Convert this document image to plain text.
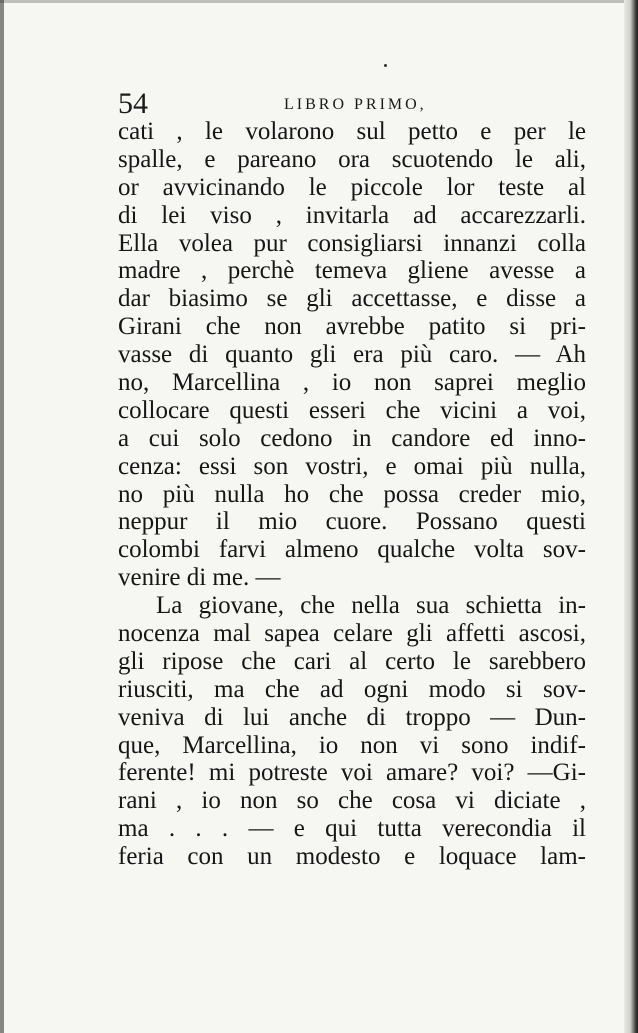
54	LIBRO PRIMO,
cati , le volarono sul petto e per le
spalle, e pareano ora scuotendo le ali,
or avvicinando le piccole lor teste al
di lei viso , invitarla ad accarezzarli.
Ella volea pur consigliarsi innanzi colla
madre , perchè temeva gliene avesse a
dar biasimo se gli accettasse, e disse a
Girani che non avrebbe patito si pri-
vasse di quanto gli era più caro. — Ah
no, Marcellina , io non saprei meglio
collocare questi esseri che vicini a voi,
a cui solo cedono in candore ed inno-
cenza: essi son vostri, e omai più nulla,
no più nulla ho che possa creder mio,
neppur il mio cuore. Possano questi
colombi farvi almeno qualche volta sov-
venire di me. —
La giovane, che nella sua schietta in-
nocenza mal sapea celare gli affetti ascosi,
gli ripose che cari al certo le sarebbero
riusciti, ma che ad ogni modo si sov-
veniva di lui anche di troppo — Dun-
que, Marcellina, io non vi sono indif-
ferente! mi potreste voi amare? voi? —Gi-
rani , io non so che cosa vi diciate ,
ma . . . — e qui tutta verecondia il
feria con un modesto e loquace lam-
